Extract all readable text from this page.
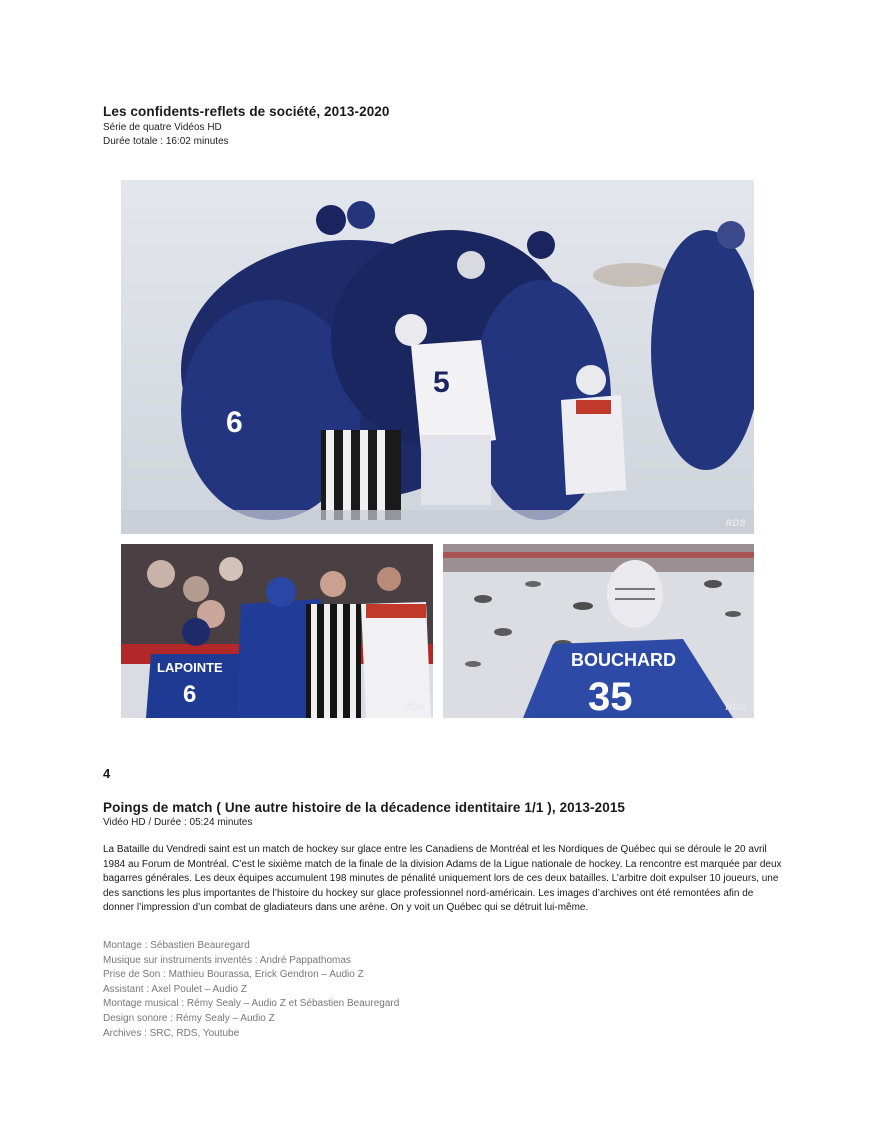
Les confidents-reflets de société, 2013-2020
Série de quatre Vidéos HD
Durée totale : 16:02 minutes
5
6
RDS
LAPOINTE
6	RDS
BOUCHARD
35	RDS
4
Poings de match ( Une autre histoire de la décadence identitaire 1/1 ), 2013-2015
Vidéo HD / Durée : 05:24 minutes

La Bataille du Vendredi saint est un match de hockey sur glace entre les Canadiens de Montréal et les Nordiques de Québec qui se déroule le 20 avril 1984 au Forum de Montréal. C’est le sixième match de la finale de la division Adams de la Ligue nationale de hockey. La rencontre est marquée par deux bagarres générales. Les deux équipes accumulent 198 minutes de pénalité uniquement lors de ces deux batailles. L’arbitre doit expulser 10 joueurs, une des sanctions les plus importantes de l’histoire du hockey sur glace professionnel nord-américain. Les images d’archives ont été remontées afin de donner l’impression d’un combat de gladiateurs dans une arène. On y voit un Québec qui se détruit lui-même.

Montage : Sébastien Beauregard
Musique sur instruments inventés : André Pappathomas
Prise de Son : Mathieu Bourassa, Erick Gendron – Audio Z
Assistant : Axel Poulet – Audio Z
Montage musical : Rémy Sealy – Audio Z et Sébastien Beauregard
Design sonore : Rémy Sealy – Audio Z
Archives : SRC, RDS, Youtube
